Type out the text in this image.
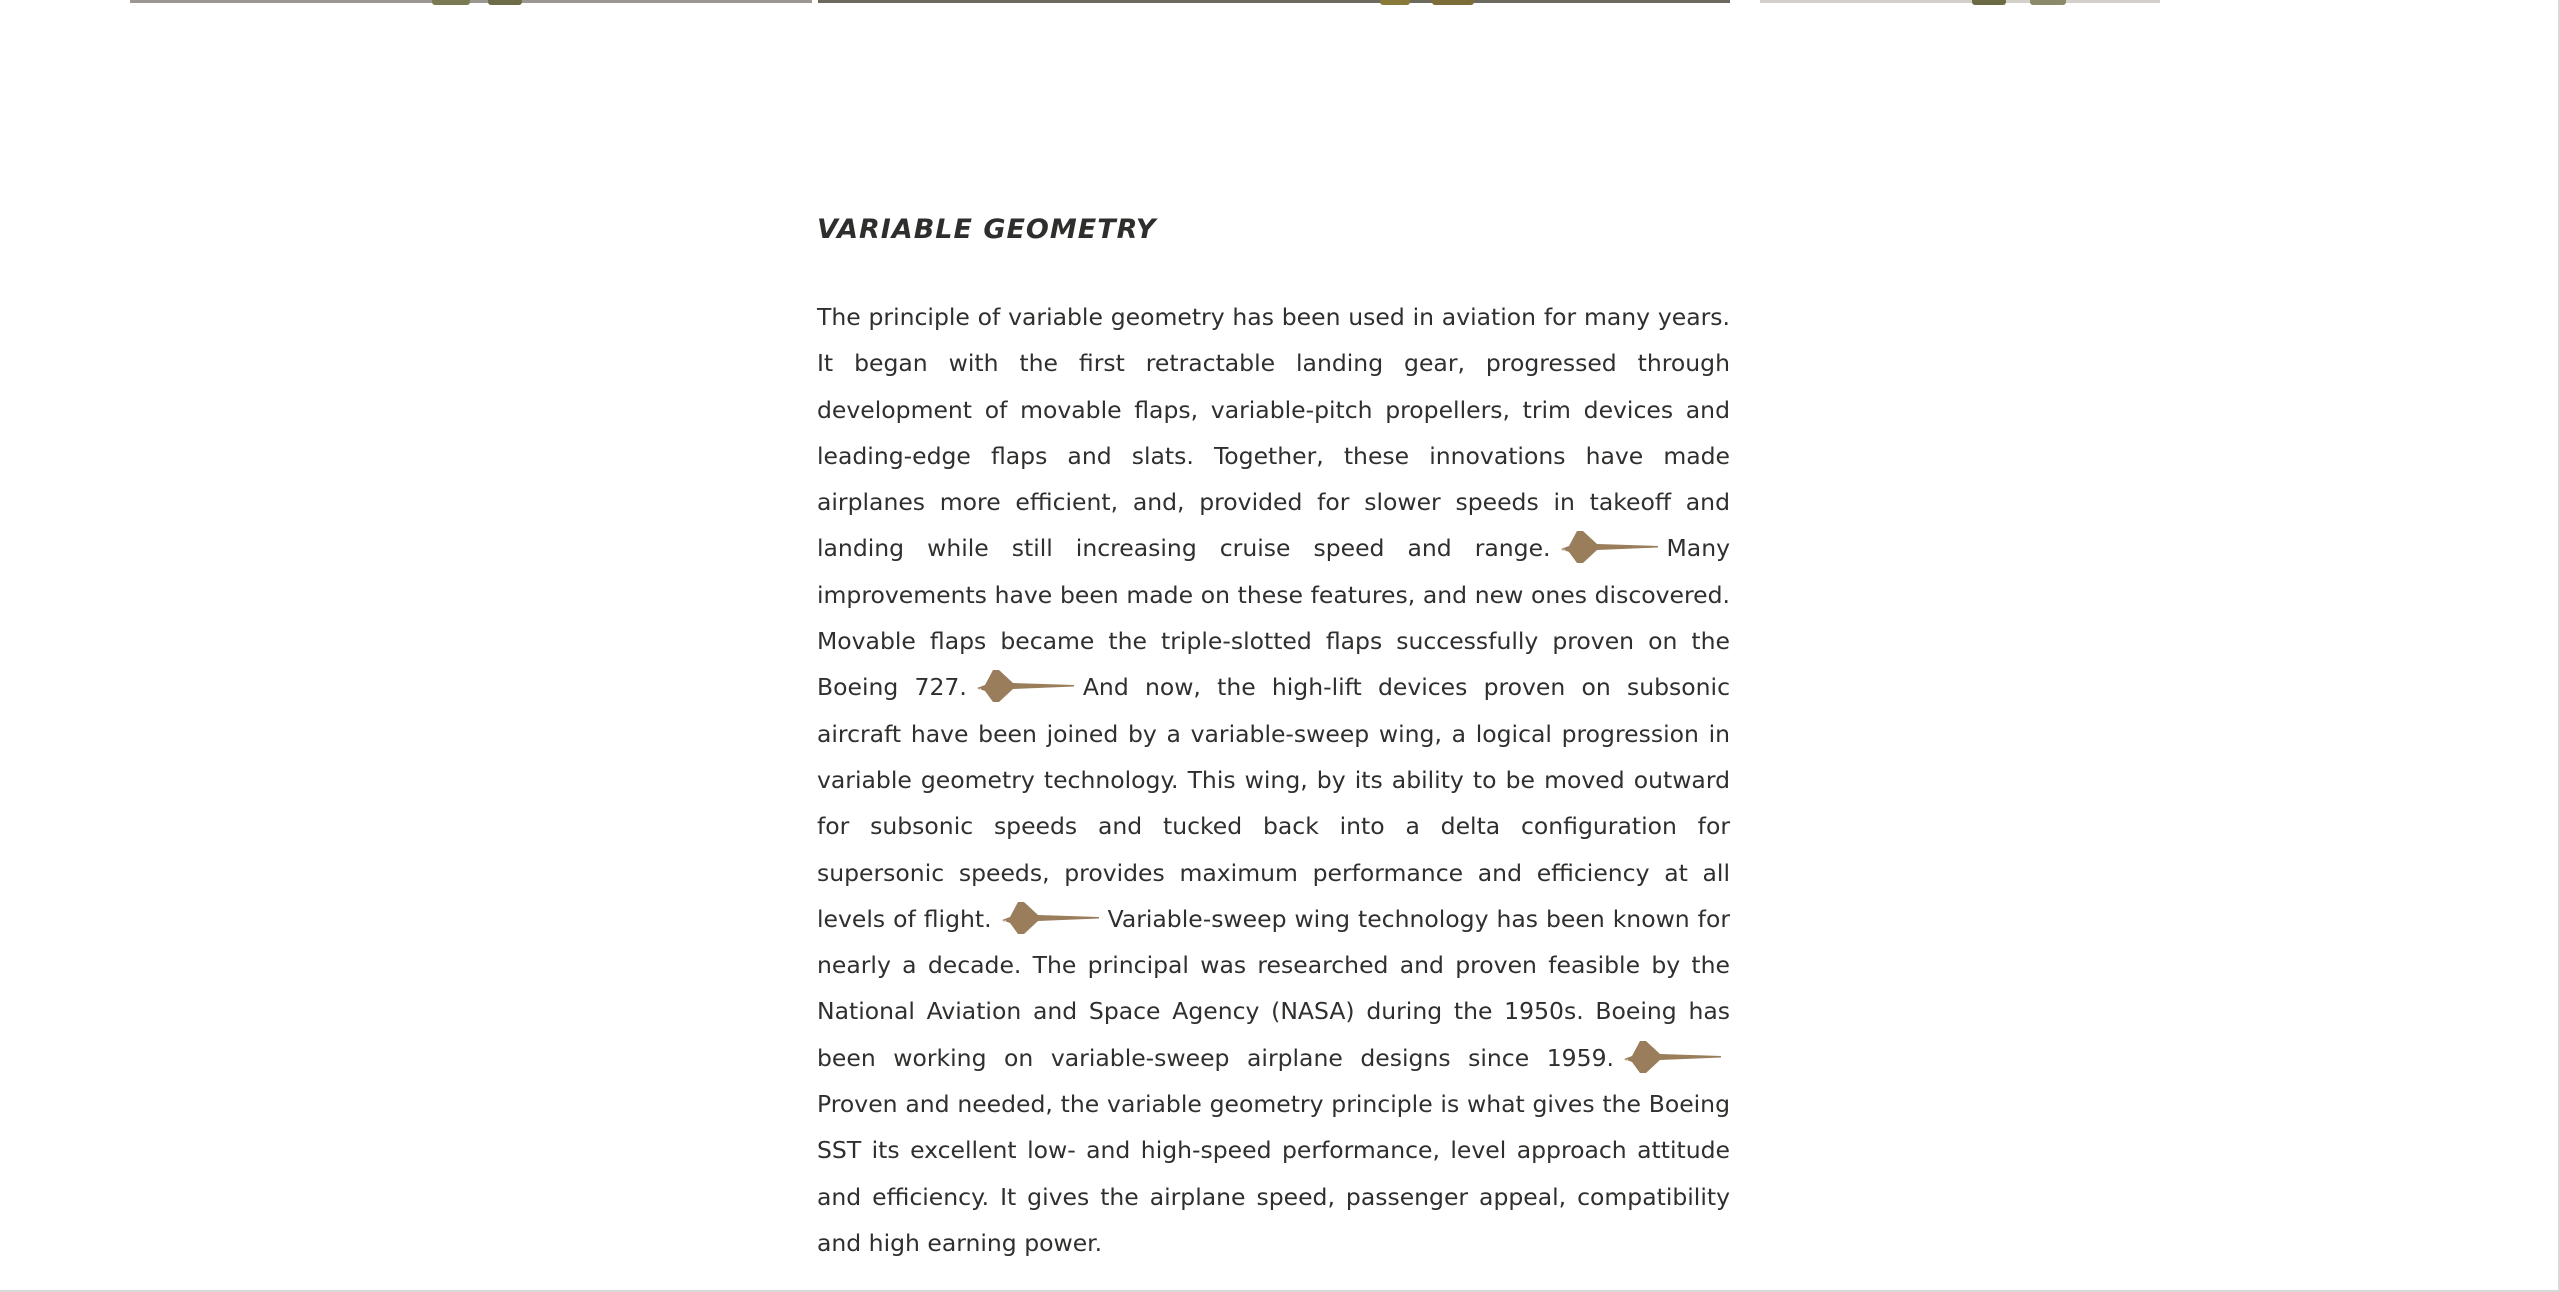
VARIABLE GEOMETRY

The principle of variable geometry has been used in aviation for many years. It began with the first retractable landing gear, progressed through development of movable flaps, variable-pitch propellers, trim devices and leading-edge flaps and slats. Together, these innovations have made airplanes more efficient, and, provided for slower speeds in takeoff and landing while still increasing cruise speed and range.	Many improvements have been made on these features, and new ones discovered. Movable flaps became the triple-slotted flaps successfully proven on the Boeing 727.	And now, the high-lift devices proven on subsonic aircraft have been joined by a variable-sweep wing, a logical progression in variable geometry technology. This wing, by its ability to be moved outward for subsonic speeds and tucked back into a delta configuration for supersonic speeds, provides maximum performance and efficiency at all levels of flight.	Variable-sweep wing technology has been known for nearly a decade. The principal was researched and proven feasible by the National Aviation and Space Agency (NASA) during the 1950s. Boeing has been working on variable-sweep airplane designs since 1959.
Proven and needed, the variable geometry principle is what gives the Boeing SST its excellent low- and high-speed performance, level approach attitude and efficiency. It gives the airplane speed, passenger appeal, compatibility and high earning power.
